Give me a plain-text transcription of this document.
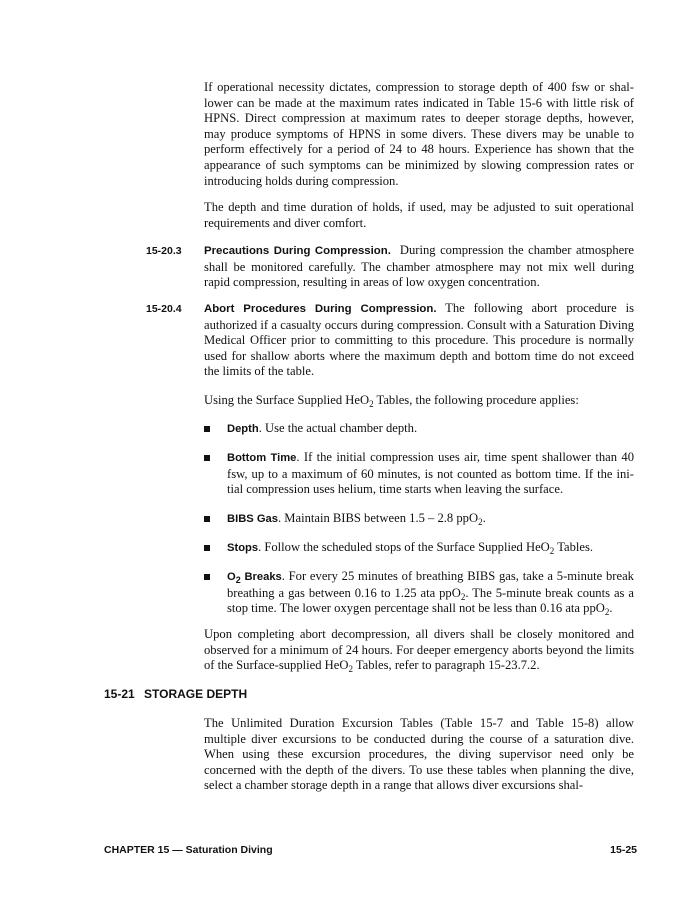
If operational necessity dictates, compression to storage depth of 400 fsw or shal-lower can be made at the maximum rates indicated in Table 15-6 with little risk of HPNS. Direct compression at maximum rates to deeper storage depths, however, may produce symptoms of HPNS in some divers. These divers may be unable to perform effectively for a period of 24 to 48 hours. Experience has shown that the appearance of such symptoms can be minimized by slowing compression rates or introducing holds during compression.

The depth and time duration of holds, if used, may be adjusted to suit operational requirements and diver comfort.

15-20.3 Precautions During Compression. During compression the chamber atmosphere shall be monitored carefully. The chamber atmosphere may not mix well during rapid compression, resulting in areas of low oxygen concentration.

15-20.4 Abort Procedures During Compression. The following abort procedure is authorized if a casualty occurs during compression. Consult with a Saturation Diving Medical Officer prior to committing to this procedure. This procedure is normally used for shallow aborts where the maximum depth and bottom time do not exceed the limits of the table.

Using the Surface Supplied HeO$_2$ Tables, the following procedure applies:

Depth. Use the actual chamber depth.
Bottom Time. If the initial compression uses air, time spent shallower than 40 fsw, up to a maximum of 60 minutes, is not counted as bottom time. If the ini-tial compression uses helium, time starts when leaving the surface.
BIBS Gas. Maintain BIBS between 1.5 – 2.8 ppO$_2$.
Stops. Follow the scheduled stops of the Surface Supplied HeO$_2$ Tables.
$O_2$ Breaks. For every 25 minutes of breathing BIBS gas, take a 5-minute break breathing a gas between 0.16 to 1.25 ata ppO$_2$. The 5-minute break counts as a stop time. The lower oxygen percentage shall not be less than 0.16 ata ppO$_2$.

Upon completing abort decompression, all divers shall be closely monitored and observed for a minimum of 24 hours. For deeper emergency aborts beyond the limits of the Surface-supplied HeO$_2$ Tables, refer to paragraph 15-23.7.2.

15-21 STORAGE DEPTH

The Unlimited Duration Excursion Tables (Table 15-7 and Table 15-8) allow multiple diver excursions to be conducted during the course of a saturation dive. When using these excursion procedures, the diving supervisor need only be concerned with the depth of the divers. To use these tables when planning the dive, select a chamber storage depth in a range that allows diver excursions shal-

CHAPTER 15 — Saturation Diving	15-25
